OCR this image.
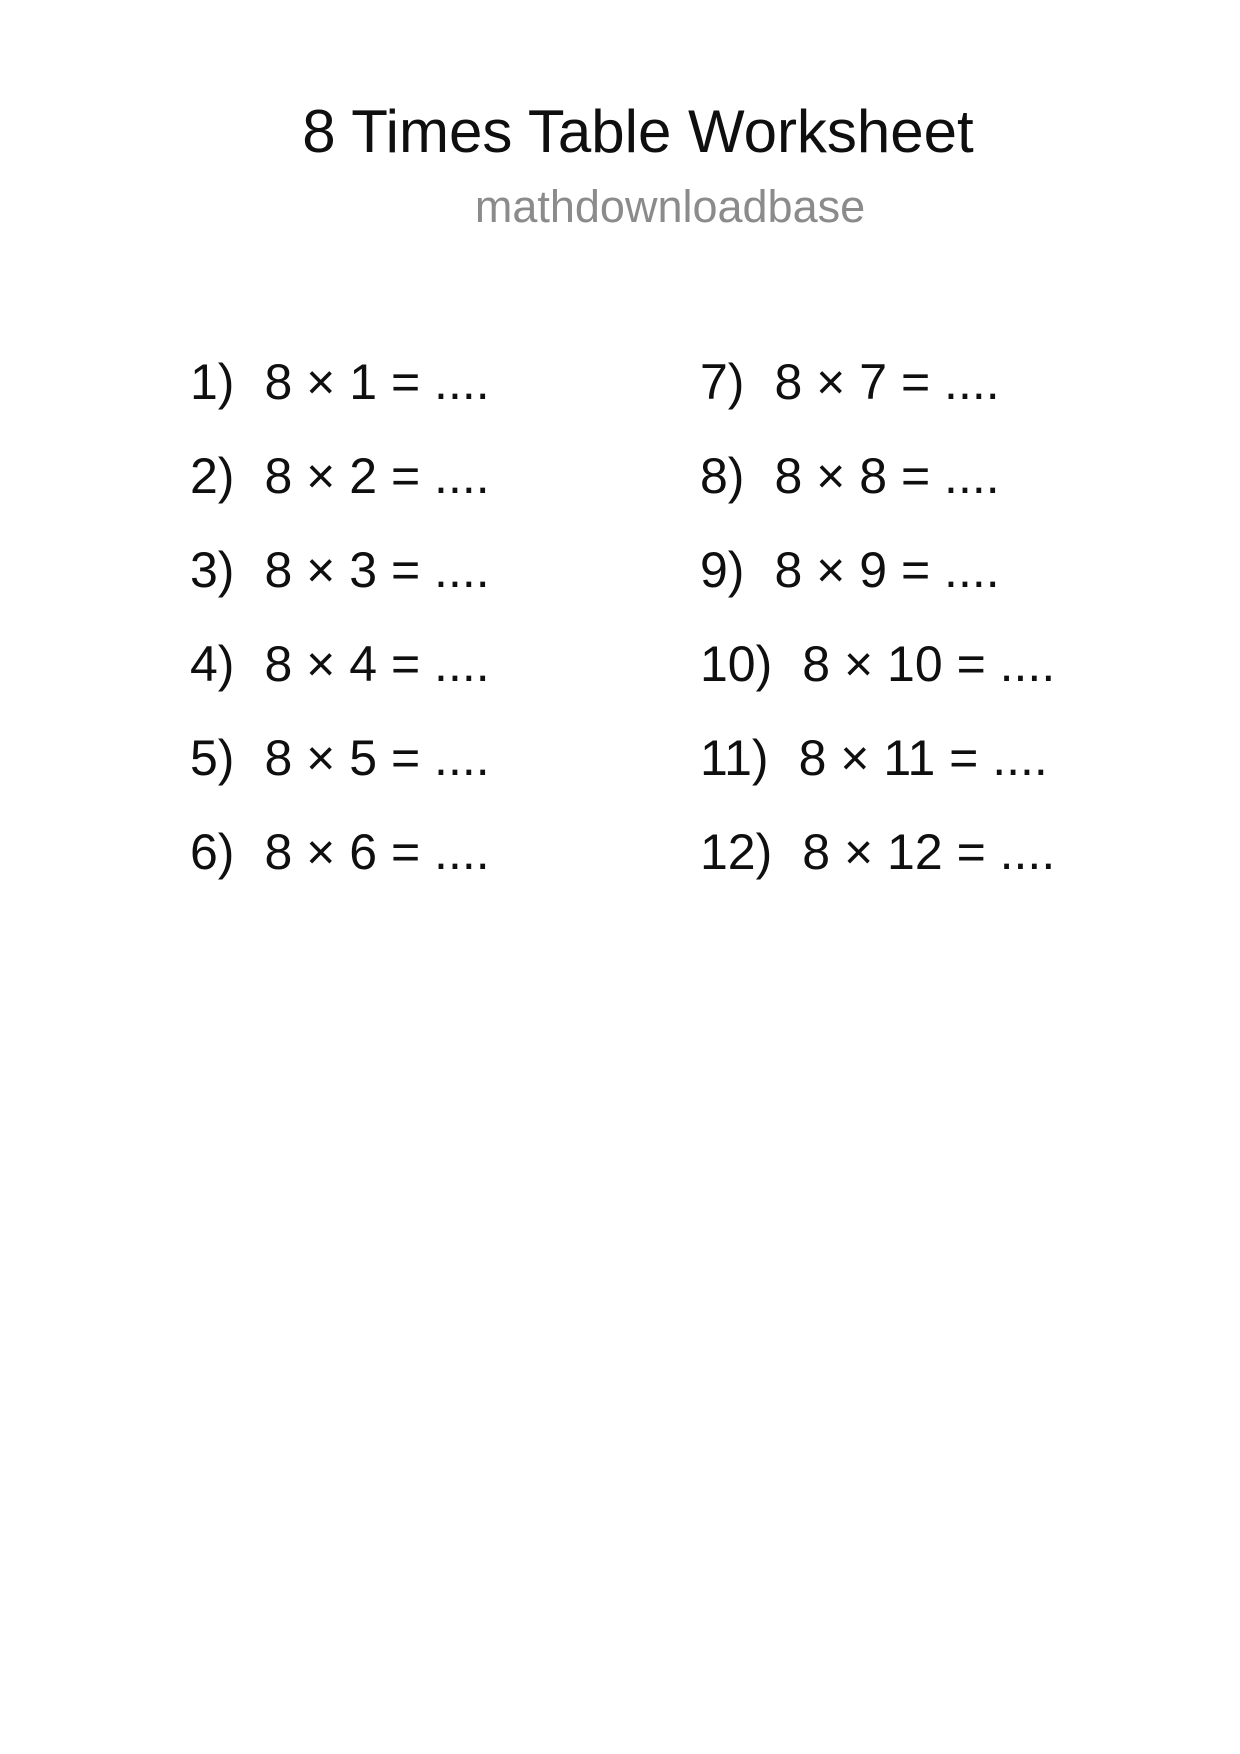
8 Times Table Worksheet
mathdownloadbase
1) 8 × 1 = ....
2) 8 × 2 = ....
3) 8 × 3 = ....
4) 8 × 4 = ....
5) 8 × 5 = ....
6) 8 × 6 = ....
7) 8 × 7 = ....
8) 8 × 8 = ....
9) 8 × 9 = ....
10) 8 × 10 = ....
11) 8 × 11 = ....
12) 8 × 12 = ....
